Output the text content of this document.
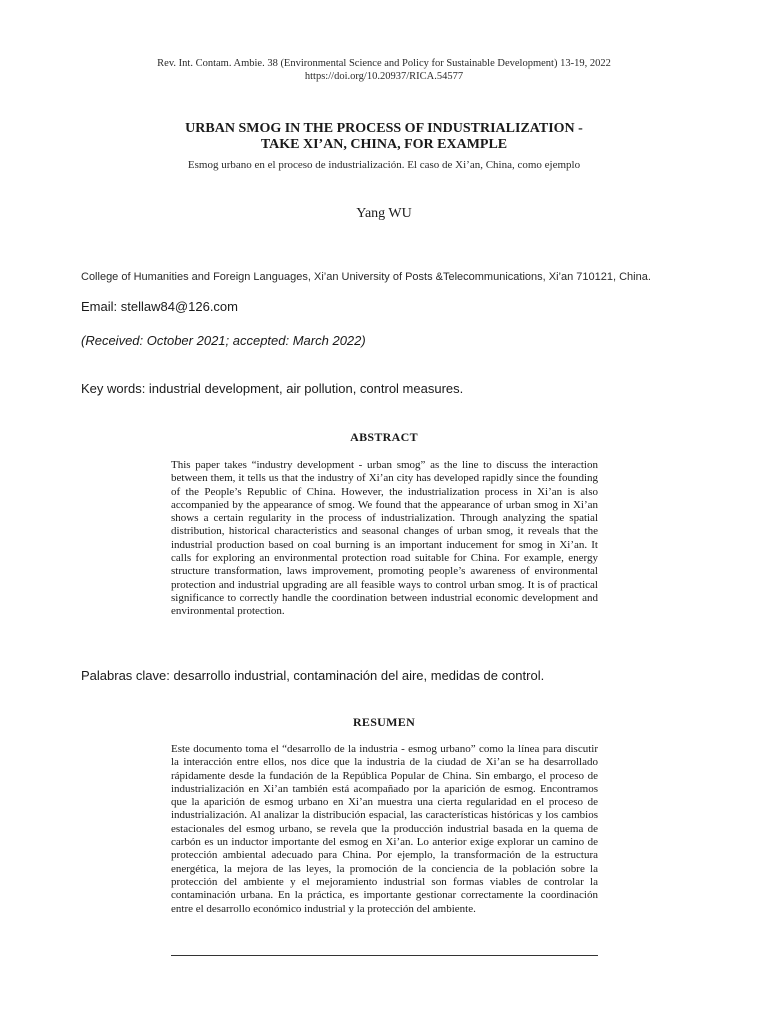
Rev. Int. Contam. Ambie. 38 (Environmental Science and Policy for Sustainable Development) 13-19, 2022
https://doi.org/10.20937/RICA.54577
URBAN SMOG IN THE PROCESS OF INDUSTRIALIZATION -
TAKE XI’AN, CHINA, FOR EXAMPLE
Esmog urbano en el proceso de industrialización. El caso de Xi’an, China, como ejemplo
Yang WU
College of Humanities and Foreign Languages, Xi’an University of Posts &Telecommunications, Xi’an 710121, China.
Email: stellaw84@126.com
(Received: October 2021; accepted: March 2022)
Key words: industrial development, air pollution, control measures.
ABSTRACT
This paper takes “industry development - urban smog” as the line to discuss the interaction between them, it tells us that the industry of Xi’an city has developed rapidly since the founding of the People’s Republic of China. However, the industrialization process in Xi’an is also accompanied by the appearance of smog. We found that the appearance of urban smog in Xi’an shows a certain regularity in the process of industrialization. Through analyzing the spatial distribution, historical characteristics and seasonal changes of urban smog, it reveals that the industrial production based on coal burning is an important inducement for smog in Xi’an. It calls for exploring an environmental protection road suitable for China. For example, energy structure transformation, laws improvement, promoting people’s awareness of environmental protection and industrial upgrading are all feasible ways to control urban smog. It is of practical significance to correctly handle the coordination between industrial economic development and environmental protection.
Palabras clave: desarrollo industrial, contaminación del aire, medidas de control.
RESUMEN
Este documento toma el “desarrollo de la industria - esmog urbano” como la línea para discutir la interacción entre ellos, nos dice que la industria de la ciudad de Xi’an se ha desarrollado rápidamente desde la fundación de la República Popular de China. Sin embargo, el proceso de industrialización en Xi’an también está acompañado por la aparición de esmog. Encontramos que la aparición de esmog urbano en Xi’an muestra una cierta regularidad en el proceso de industrialización. Al analizar la distribución espacial, las características históricas y los cambios estacionales del esmog urbano, se revela que la producción industrial basada en la quema de carbón es un inductor importante del esmog en Xi’an. Lo anterior exige explorar un camino de protección ambiental adecuado para China. Por ejemplo, la transformación de la estructura energética, la mejora de las leyes, la promoción de la conciencia de la población sobre la protección del ambiente y el mejoramiento industrial son formas viables de controlar la contaminación urbana. En la práctica, es importante gestionar correctamente la coordinación entre el desarrollo económico industrial y la protección del ambiente.
